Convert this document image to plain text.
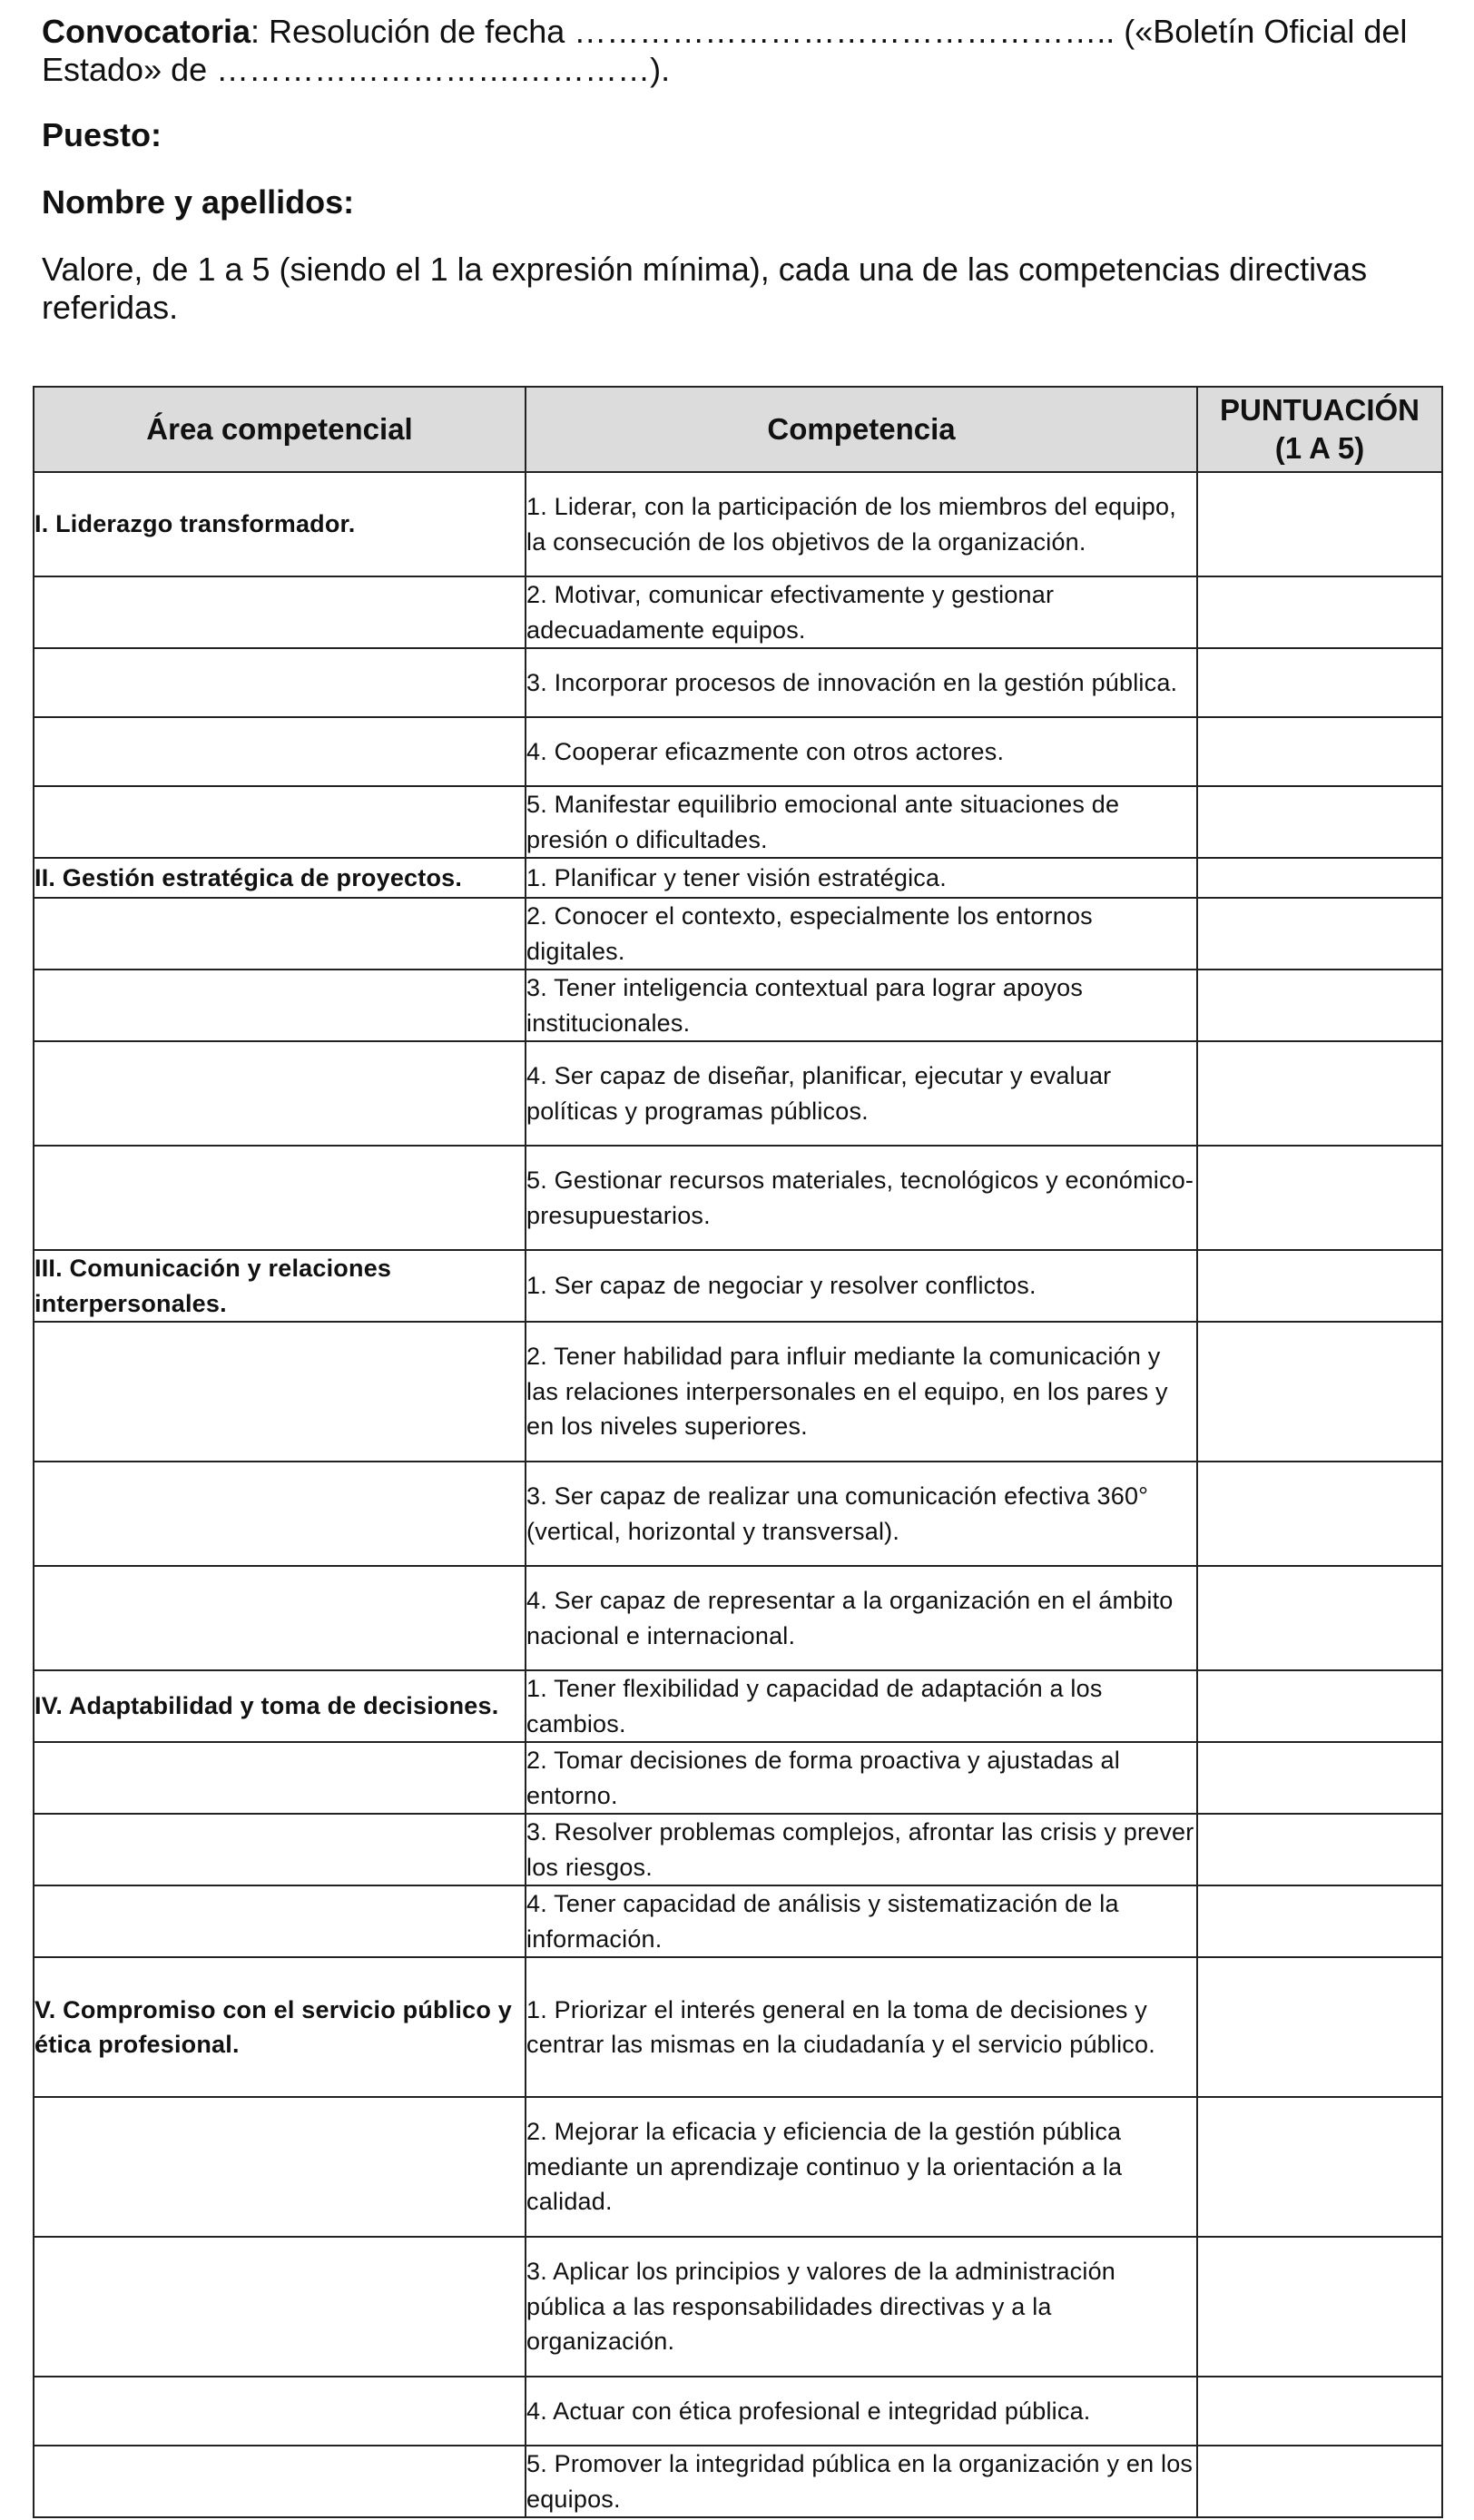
Convocatoria: Resolución de fecha ………………………………………….. («Boletín Oficial del Estado» de ……………………….…………).

Puesto:

Nombre y apellidos:

Valore, de 1 a 5 (siendo el 1 la expresión mínima), cada una de las competencias directivas referidas.

Área competencial	Competencia	PUNTUACIÓN
(1 A 5)

I. Liderazgo transformador.	1. Liderar, con la participación de los miembros del equipo, la consecución de los objetivos de la organización.	

	2. Motivar, comunicar efectivamente y gestionar adecuadamente equipos.	

	3. Incorporar procesos de innovación en la gestión pública.	

	4. Cooperar eficazmente con otros actores.	

	5. Manifestar equilibrio emocional ante situaciones de presión o dificultades.	

II. Gestión estratégica de proyectos.	1. Planificar y tener visión estratégica.	

	2. Conocer el contexto, especialmente los entornos digitales.	

	3. Tener inteligencia contextual para lograr apoyos institucionales.	

	4. Ser capaz de diseñar, planificar, ejecutar y evaluar políticas y programas públicos.	

	5. Gestionar recursos materiales, tecnológicos y económico-presupuestarios.	

III. Comunicación y relaciones interpersonales.	1. Ser capaz de negociar y resolver conflictos.	

	2. Tener habilidad para influir mediante la comunicación y las relaciones interpersonales en el equipo, en los pares y en los niveles superiores.	

	3. Ser capaz de realizar una comunicación efectiva 360° (vertical, horizontal y transversal).	

	4. Ser capaz de representar a la organización en el ámbito nacional e internacional.	

IV. Adaptabilidad y toma de decisiones.	1. Tener flexibilidad y capacidad de adaptación a los cambios.	

	2. Tomar decisiones de forma proactiva y ajustadas al entorno.	

	3. Resolver problemas complejos, afrontar las crisis y prever los riesgos.	

	4. Tener capacidad de análisis y sistematización de la información.	

V. Compromiso con el servicio público y ética profesional.	1. Priorizar el interés general en la toma de decisiones y centrar las mismas en la ciudadanía y el servicio público.	

	2. Mejorar la eficacia y eficiencia de la gestión pública mediante un aprendizaje continuo y la orientación a la calidad.	

	3. Aplicar los principios y valores de la administración pública a las responsabilidades directivas y a la organización.	

	4. Actuar con ética profesional e integridad pública.	

	5. Promover la integridad pública en la organización y en los equipos.	
